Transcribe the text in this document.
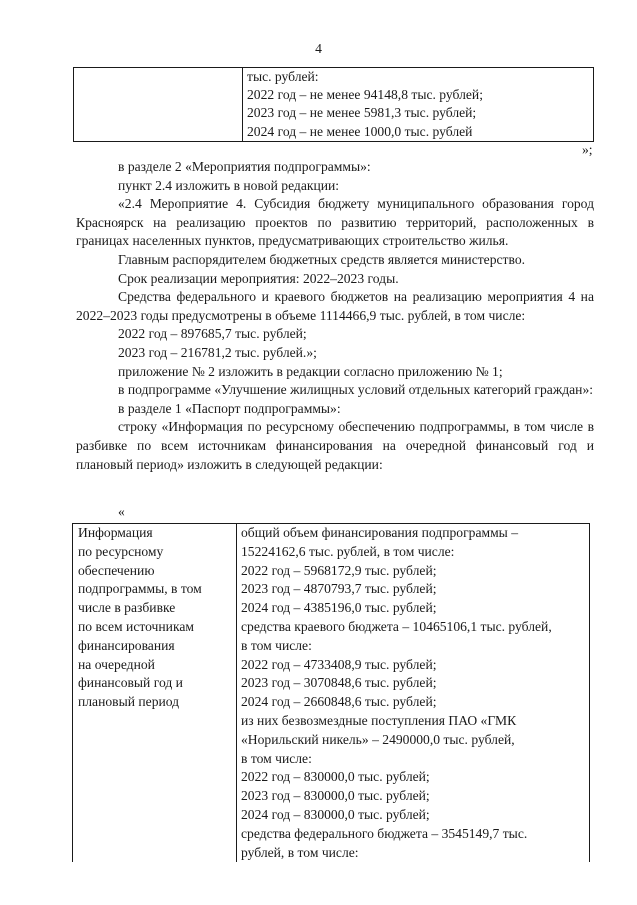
4

тыс. рублей:
2022 год – не менее 94148,8 тыс. рублей;
2023 год – не менее 5981,3 тыс. рублей;
2024 год – не менее 1000,0 тыс. рублей
»;

в разделе 2 «Мероприятия подпрограммы»:

пункт 2.4 изложить в новой редакции:

«2.4 Мероприятие 4. Субсидия бюджету муниципального образования город Красноярск на реализацию проектов по развитию территорий, расположенных в границах населенных пунктов, предусматривающих строительство жилья.

Главным распорядителем бюджетных средств является министерство.

Срок реализации мероприятия: 2022–2023 годы.

Средства федерального и краевого бюджетов на реализацию мероприятия 4 на 2022–2023 годы предусмотрены в объеме 1114466,9 тыс. рублей, в том числе:

2022 год – 897685,7 тыс. рублей;

2023 год – 216781,2 тыс. рублей.»;

приложение № 2 изложить в редакции согласно приложению № 1;

в подпрограмме «Улучшение жилищных условий отдельных категорий граждан»:

в разделе 1 «Паспорт подпрограммы»:

строку «Информация по ресурсному обеспечению подпрограммы, в том числе в разбивке по всем источникам финансирования на очередной финансовый год и плановый период» изложить в следующей редакции:

«
Информация
по ресурсному
обеспечению
подпрограммы, в том
числе в разбивке
по всем источникам
финансирования
на очередной
финансовый год и
плановый период

общий объем финансирования подпрограммы –
15224162,6 тыс. рублей, в том числе:
2022 год – 5968172,9 тыс. рублей;
2023 год – 4870793,7 тыс. рублей;
2024 год – 4385196,0 тыс. рублей;
средства краевого бюджета – 10465106,1 тыс. рублей,
в том числе:
2022 год – 4733408,9 тыс. рублей;
2023 год – 3070848,6 тыс. рублей;
2024 год – 2660848,6 тыс. рублей;
из них безвозмездные поступления ПАО «ГМК
«Норильский никель» – 2490000,0 тыс. рублей,
в том числе:
2022 год – 830000,0 тыс. рублей;
2023 год – 830000,0 тыс. рублей;
2024 год – 830000,0 тыс. рублей;
средства федерального бюджета – 3545149,7 тыс.
рублей, в том числе:
